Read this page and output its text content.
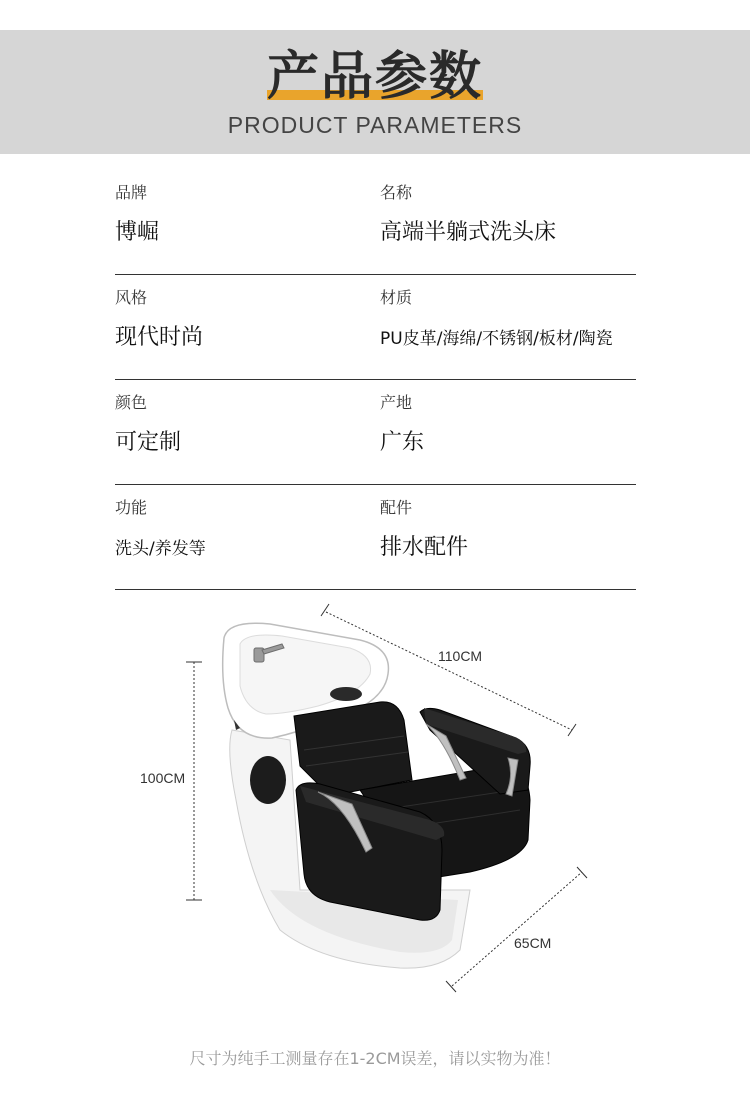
产品参数
PRODUCT PARAMETERS
品牌
博崛
名称
高端半躺式洗头床
风格
现代时尚
材质
PU皮革/海绵/不锈钢/板材/陶瓷
颜色
可定制
产地
广东
功能
洗头/养发等
配件
排水配件
110CM
100CM
65CM
尺寸为纯手工测量存在1-2CM误差，请以实物为准！
